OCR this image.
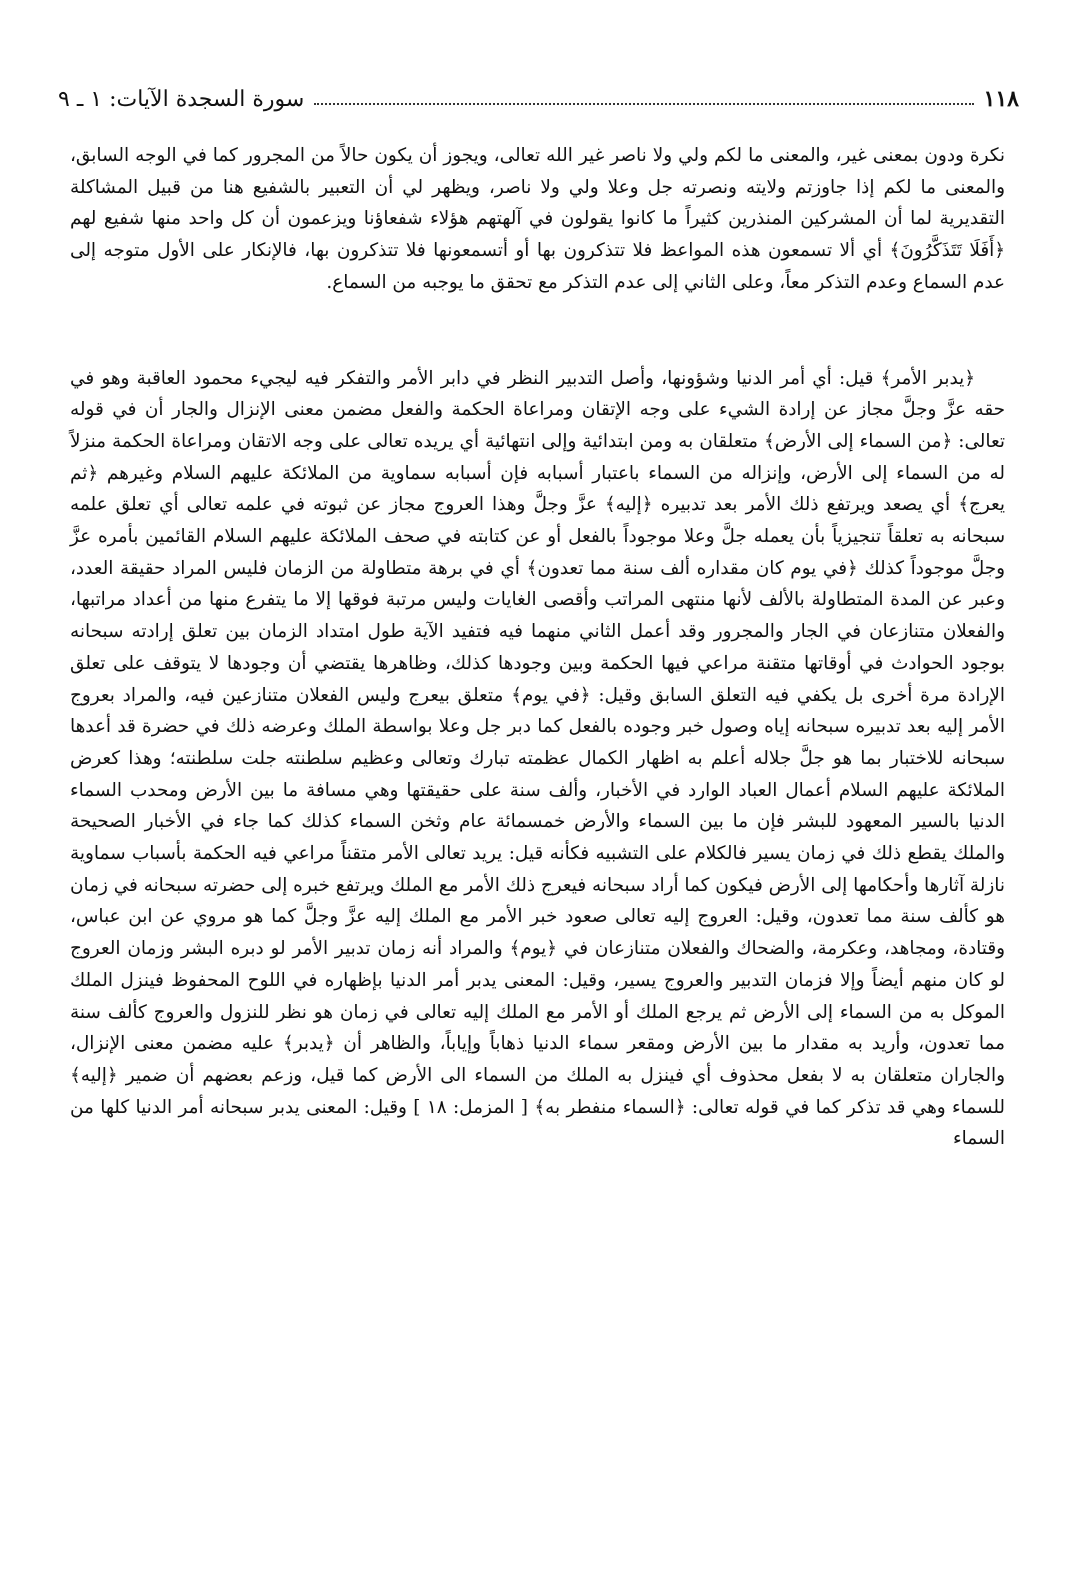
١١٨
سورة السجدة الآيات: ١ ـ ٩

نكرة ودون بمعنى غير، والمعنى ما لكم ولي ولا ناصر غير الله تعالى، ويجوز أن يكون حالاً من المجرور كما في الوجه السابق، والمعنى ما لكم إذا جاوزتم ولايته ونصرته جل وعلا ولي ولا ناصر، ويظهر لي أن التعبير بالشفيع هنا من قبيل المشاكلة التقديرية لما أن المشركين المنذرين كثيراً ما كانوا يقولون في آلهتهم هؤلاء شفعاؤنا ويزعمون أن كل واحد منها شفيع لهم ﴿أَفَلَا تَتَذَكَّرُونَ﴾ أي ألا تسمعون هذه المواعظ فلا تتذكرون بها أو أتسمعونها فلا تتذكرون بها، فالإنكار على الأول متوجه إلى عدم السماع وعدم التذكر معاً، وعلى الثاني إلى عدم التذكر مع تحقق ما يوجبه من السماع.

﴿يدبر الأمر﴾ قيل: أي أمر الدنيا وشؤونها، وأصل التدبير النظر في دابر الأمر والتفكر فيه ليجيء محمود العاقبة وهو في حقه عزَّ وجلَّ مجاز عن إرادة الشيء على وجه الإتقان ومراعاة الحكمة والفعل مضمن معنى الإنزال والجار أن في قوله تعالى: ﴿من السماء إلى الأرض﴾ متعلقان به ومن ابتدائية وإلى انتهائية أي يريده تعالى على وجه الاتقان ومراعاة الحكمة منزلاً له من السماء إلى الأرض، وإنزاله من السماء باعتبار أسبابه فإن أسبابه سماوية من الملائكة عليهم السلام وغيرهم ﴿ثم يعرج﴾ أي يصعد ويرتفع ذلك الأمر بعد تدبيره ﴿إليه﴾ عزَّ وجلَّ وهذا العروج مجاز عن ثبوته في علمه تعالى أي تعلق علمه سبحانه به تعلقاً تنجيزياً بأن يعمله جلَّ وعلا موجوداً بالفعل أو عن كتابته في صحف الملائكة عليهم السلام القائمين بأمره عزَّ وجلَّ موجوداً كذلك ﴿في يوم كان مقداره ألف سنة مما تعدون﴾ أي في برهة متطاولة من الزمان فليس المراد حقيقة العدد، وعبر عن المدة المتطاولة بالألف لأنها منتهى المراتب وأقصى الغايات وليس مرتبة فوقها إلا ما يتفرع منها من أعداد مراتبها، والفعلان متنازعان في الجار والمجرور وقد أعمل الثاني منهما فيه فتفيد الآية طول امتداد الزمان بين تعلق إرادته سبحانه بوجود الحوادث في أوقاتها متقنة مراعي فيها الحكمة وبين وجودها كذلك، وظاهرها يقتضي أن وجودها لا يتوقف على تعلق الإرادة مرة أخرى بل يكفي فيه التعلق السابق وقيل: ﴿في يوم﴾ متعلق بيعرج وليس الفعلان متنازعين فيه، والمراد بعروج الأمر إليه بعد تدبيره سبحانه إياه وصول خبر وجوده بالفعل كما دبر جل وعلا بواسطة الملك وعرضه ذلك في حضرة قد أعدها سبحانه للاختبار بما هو جلَّ جلاله أعلم به اظهار الكمال عظمته تبارك وتعالى وعظيم سلطنته جلت سلطنته؛ وهذا كعرض الملائكة عليهم السلام أعمال العباد الوارد في الأخبار، وألف سنة على حقيقتها وهي مسافة ما بين الأرض ومحدب السماء الدنيا بالسير المعهود للبشر فإن ما بين السماء والأرض خمسمائة عام وثخن السماء كذلك كما جاء في الأخبار الصحيحة والملك يقطع ذلك في زمان يسير فالكلام على التشبيه فكأنه قيل: يريد تعالى الأمر متقناً مراعي فيه الحكمة بأسباب سماوية نازلة آثارها وأحكامها إلى الأرض فيكون كما أراد سبحانه فيعرج ذلك الأمر مع الملك ويرتفع خبره إلى حضرته سبحانه في زمان هو كألف سنة مما تعدون، وقيل: العروج إليه تعالى صعود خبر الأمر مع الملك إليه عزَّ وجلَّ كما هو مروي عن ابن عباس، وقتادة، ومجاهد، وعكرمة، والضحاك والفعلان متنازعان في ﴿يوم﴾ والمراد أنه زمان تدبير الأمر لو دبره البشر وزمان العروج لو كان منهم أيضاً وإلا فزمان التدبير والعروج يسير، وقيل: المعنى يدبر أمر الدنيا بإظهاره في اللوح المحفوظ فينزل الملك الموكل به من السماء إلى الأرض ثم يرجع الملك أو الأمر مع الملك إليه تعالى في زمان هو نظر للنزول والعروج كألف سنة مما تعدون، وأريد به مقدار ما بين الأرض ومقعر سماء الدنيا ذهاباً وإياباً، والظاهر أن ﴿يدبر﴾ عليه مضمن معنى الإنزال، والجاران متعلقان به لا بفعل محذوف أي فينزل به الملك من السماء الى الأرض كما قيل، وزعم بعضهم أن ضمير ﴿إليه﴾ للسماء وهي قد تذكر كما في قوله تعالى: ﴿السماء منفطر به﴾ [ المزمل: ١٨ ] وقيل: المعنى يدبر سبحانه أمر الدنيا كلها من السماء
